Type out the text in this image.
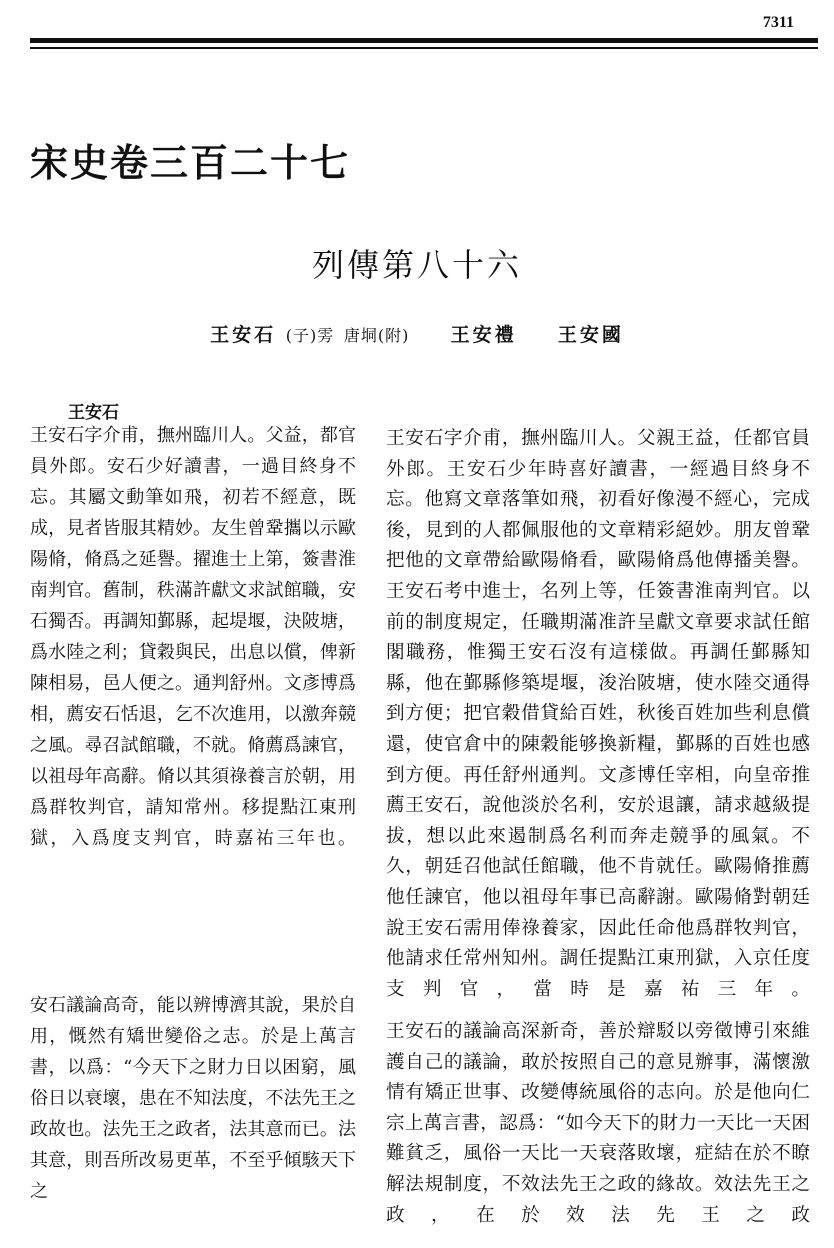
7311
宋史卷三百二十七
列傳第八十六
王安石 (子)雱 唐垌(附) 王安禮 王安國
王安石

王安石字介甫，撫州臨川人。父益，都官員外郎。安石少好讀書，一過目終身不忘。其屬文動筆如飛，初若不經意，既成，見者皆服其精妙。友生曾鞏攜以示歐陽脩，脩爲之延譽。擢進士上第，簽書淮南判官。舊制，秩滿許獻文求試館職，安石獨否。再調知鄞縣，起堤堰，決陂塘，爲水陸之利；貸穀與民，出息以償，俾新陳相易，邑人便之。通判舒州。文彥博爲相，薦安石恬退，乞不次進用，以激奔競之風。尋召試館職，不就。脩薦爲諫官，以祖母年高辭。脩以其須祿養言於朝，用爲群牧判官，請知常州。移提點江東刑獄，入爲度支判官，時嘉祐三年也。

安石議論高奇，能以辨博濟其說，果於自用，慨然有矯世變俗之志。於是上萬言書，以爲：“今天下之財力日以困窮，風俗日以衰壞，患在不知法度，不法先王之政故也。法先王之政者，法其意而已。法其意，則吾所改易更革，不至乎傾駭天下之

王安石字介甫，撫州臨川人。父親王益，任都官員外郎。王安石少年時喜好讀書，一經過目終身不忘。他寫文章落筆如飛，初看好像漫不經心，完成後，見到的人都佩服他的文章精彩絕妙。朋友曾鞏把他的文章帶給歐陽脩看，歐陽脩爲他傳播美譽。王安石考中進士，名列上等，任簽書淮南判官。以前的制度規定，任職期滿准許呈獻文章要求試任館閣職務，惟獨王安石沒有這樣做。再調任鄞縣知縣，他在鄞縣修築堤堰，浚治陂塘，使水陸交通得到方便；把官穀借貸給百姓，秋後百姓加些利息償還，使官倉中的陳穀能够換新糧，鄞縣的百姓也感到方便。再任舒州通判。文彥博任宰相，向皇帝推薦王安石，說他淡於名利，安於退讓，請求越級提拔，想以此來遏制爲名利而奔走競爭的風氣。不久，朝廷召他試任館職，他不肯就任。歐陽脩推薦他任諫官，他以祖母年事已高辭謝。歐陽脩對朝廷說王安石需用俸祿養家，因此任命他爲群牧判官，他請求任常州知州。調任提點江東刑獄，入京任度支判官，當時是嘉祐三年。

王安石的議論高深新奇，善於辯駁以旁徵博引來維護自己的議論，敢於按照自己的意見辦事，滿懷激情有矯正世事、改變傳統風俗的志向。於是他向仁宗上萬言書，認爲：“如今天下的財力一天比一天困難貧乏，風俗一天比一天衰落敗壞，症結在於不瞭解法規制度，不效法先王之政的緣故。效法先王之政，在於效法先王之政
